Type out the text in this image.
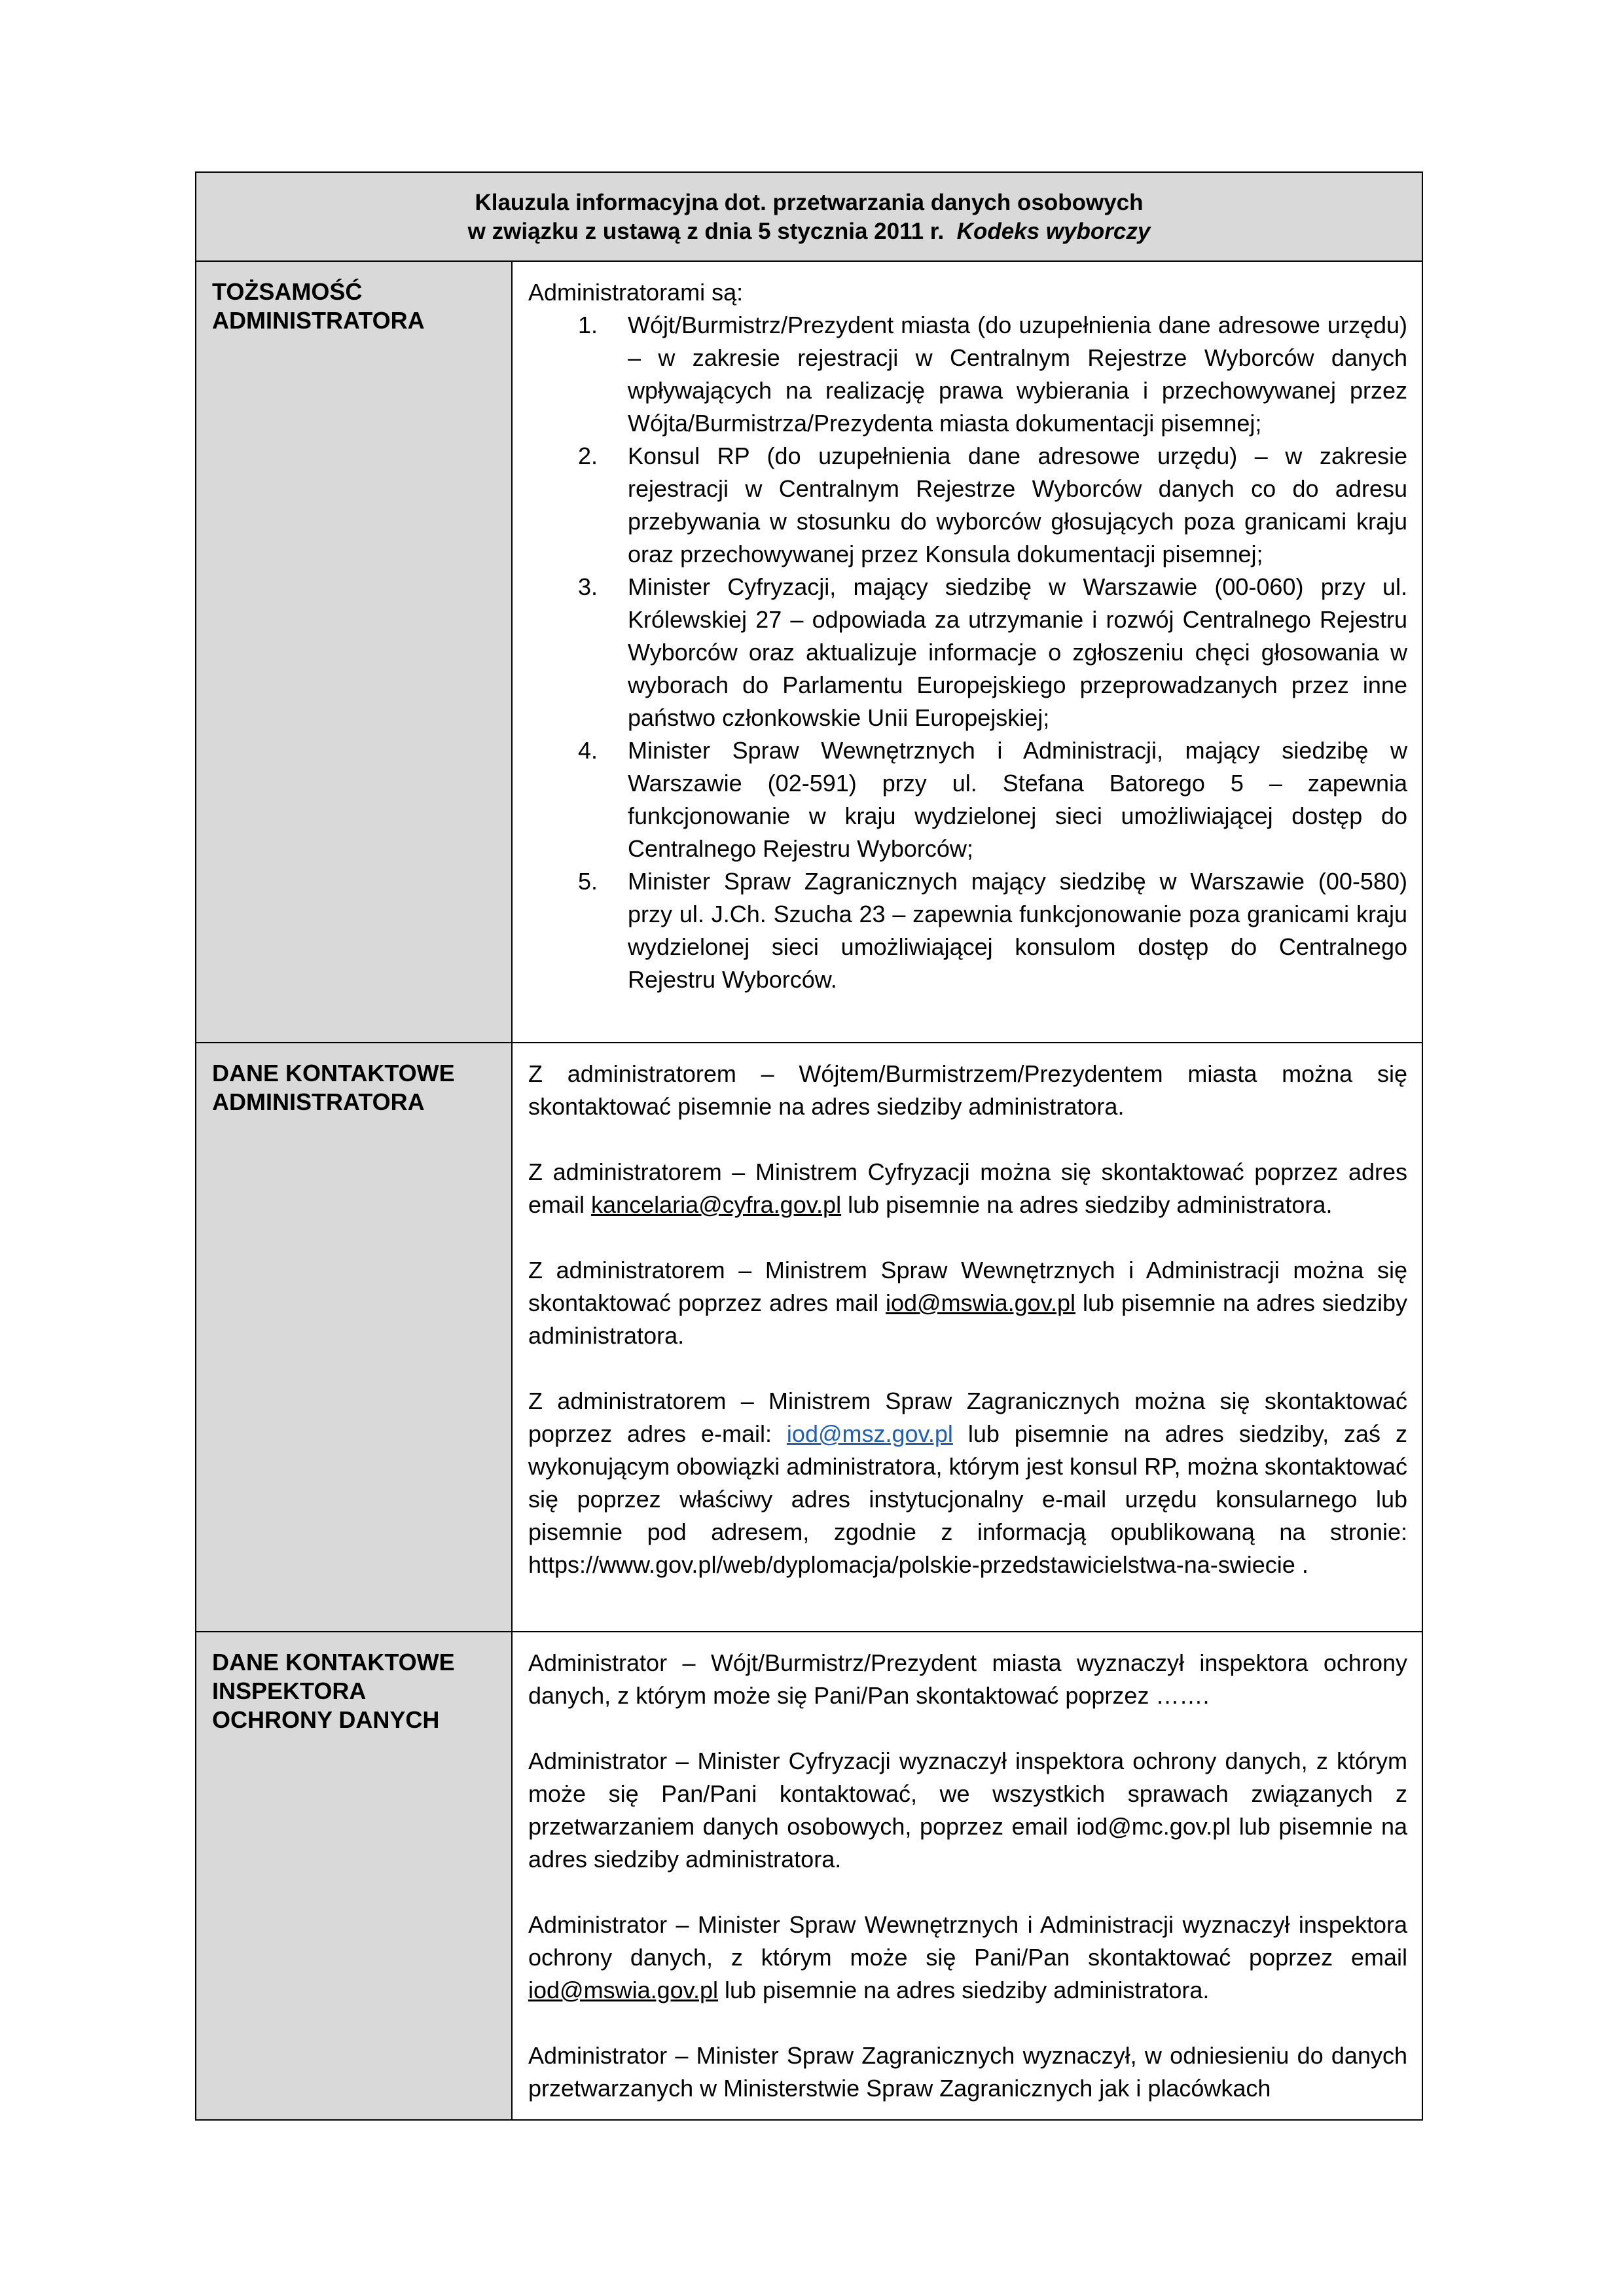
Klauzula informacyjna dot. przetwarzania danych osobowych
w związku z ustawą z dnia 5 stycznia 2011 r. Kodeks wyborczy
TOŻSAMOŚĆ
ADMINISTRATORA

Administratorami są:

1. Wójt/Burmistrz/Prezydent miasta (do uzupełnienia dane adresowe urzędu) – w zakresie rejestracji w Centralnym Rejestrze Wyborców danych wpływających na realizację prawa wybierania i przechowywanej przez Wójta/Burmistrza/Prezydenta miasta dokumentacji pisemnej;
2. Konsul RP (do uzupełnienia dane adresowe urzędu) – w zakresie rejestracji w Centralnym Rejestrze Wyborców danych co do adresu przebywania w stosunku do wyborców głosujących poza granicami kraju oraz przechowywanej przez Konsula dokumentacji pisemnej;
3. Minister Cyfryzacji, mający siedzibę w Warszawie (00-060) przy ul. Królewskiej 27 – odpowiada za utrzymanie i rozwój Centralnego Rejestru Wyborców oraz aktualizuje informacje o zgłoszeniu chęci głosowania w wyborach do Parlamentu Europejskiego przeprowadzanych przez inne państwo członkowskie Unii Europejskiej;
4. Minister Spraw Wewnętrznych i Administracji, mający siedzibę w Warszawie (02-591) przy ul. Stefana Batorego 5 – zapewnia funkcjonowanie w kraju wydzielonej sieci umożliwiającej dostęp do Centralnego Rejestru Wyborców;
5. Minister Spraw Zagranicznych mający siedzibę w Warszawie (00-580) przy ul. J.Ch. Szucha 23 – zapewnia funkcjonowanie poza granicami kraju wydzielonej sieci umożliwiającej konsulom dostęp do Centralnego Rejestru Wyborców.
DANE KONTAKTOWE
ADMINISTRATORA

Z administratorem – Wójtem/Burmistrzem/Prezydentem miasta można się skontaktować pisemnie na adres siedziby administratora.

Z administratorem – Ministrem Cyfryzacji można się skontaktować poprzez adres email kancelaria@cyfra.gov.pl lub pisemnie na adres siedziby administratora.

Z administratorem – Ministrem Spraw Wewnętrznych i Administracji można się skontaktować poprzez adres mail iod@mswia.gov.pl lub pisemnie na adres siedziby administratora.

Z administratorem – Ministrem Spraw Zagranicznych można się skontaktować poprzez adres e-mail: iod@msz.gov.pl lub pisemnie na adres siedziby, zaś z wykonującym obowiązki administratora, którym jest konsul RP, można skontaktować się poprzez właściwy adres instytucjonalny e-mail urzędu konsularnego lub pisemnie pod adresem, zgodnie z informacją opublikowaną na stronie: https://www.gov.pl/web/dyplomacja/polskie-przedstawicielstwa-na-swiecie .

DANE KONTAKTOWE
INSPEKTORA
OCHRONY DANYCH

Administrator – Wójt/Burmistrz/Prezydent miasta wyznaczył inspektora ochrony danych, z którym może się Pani/Pan skontaktować poprzez …….

Administrator – Minister Cyfryzacji wyznaczył inspektora ochrony danych, z którym może się Pan/Pani kontaktować, we wszystkich sprawach związanych z przetwarzaniem danych osobowych, poprzez email iod@mc.gov.pl lub pisemnie na adres siedziby administratora.

Administrator – Minister Spraw Wewnętrznych i Administracji wyznaczył inspektora ochrony danych, z którym może się Pani/Pan skontaktować poprzez email iod@mswia.gov.pl lub pisemnie na adres siedziby administratora.

Administrator – Minister Spraw Zagranicznych wyznaczył, w odniesieniu do danych przetwarzanych w Ministerstwie Spraw Zagranicznych jak i placówkach
